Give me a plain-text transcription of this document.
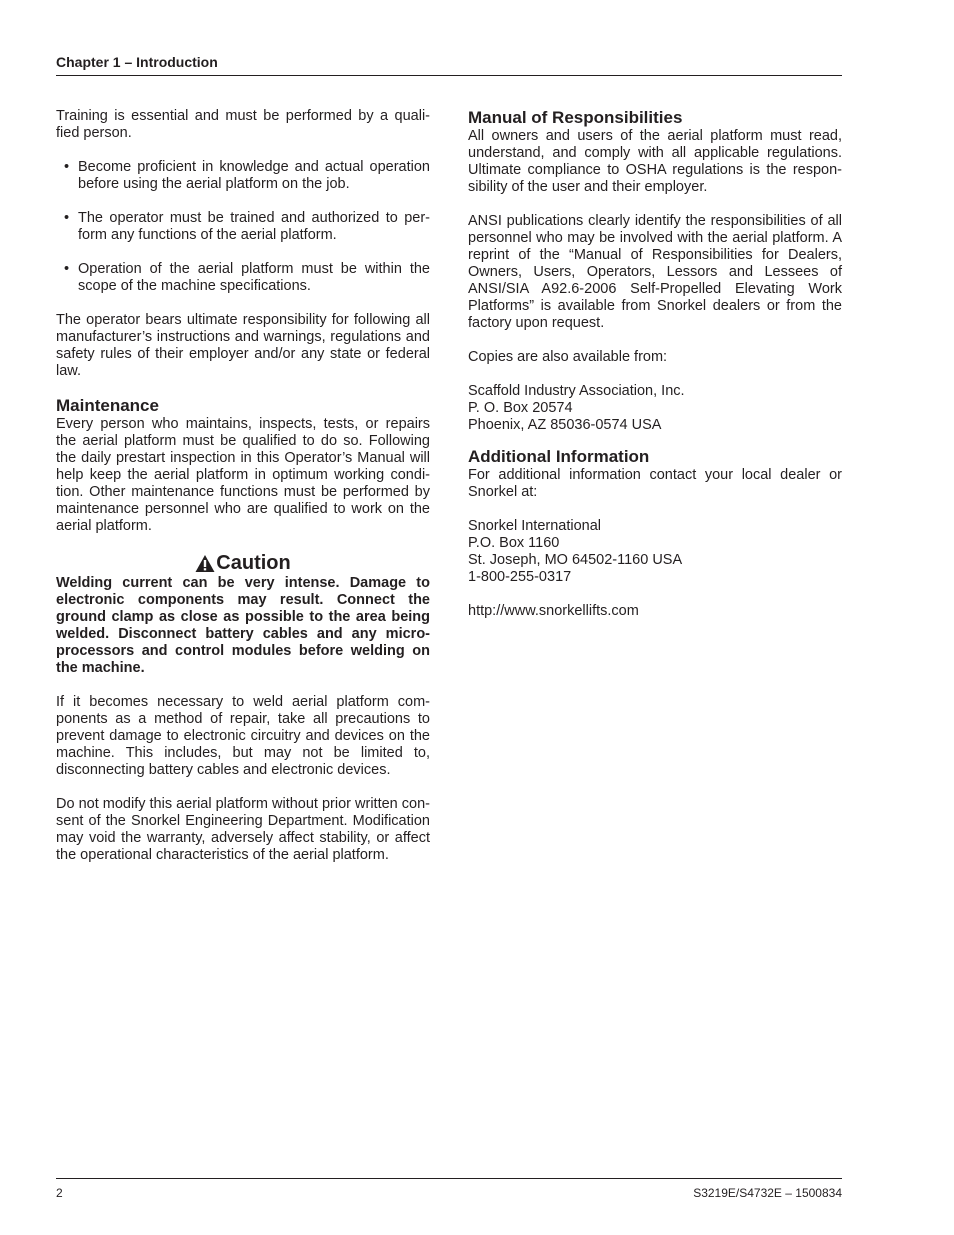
Chapter 1 – Introduction

Training is essential and must be performed by a quali-fied person.

• Become proficient in knowledge and actual operation before using the aerial platform on the job.
• The operator must be trained and authorized to per-form any functions of the aerial platform.
• Operation of the aerial platform must be within the scope of the machine specifications.

The operator bears ultimate responsibility for following all manufacturer’s instructions and warnings, regulations and safety rules of their employer and/or any state or federal law.

Maintenance

Every person who maintains, inspects, tests, or repairs the aerial platform must be qualified to do so. Following the daily prestart inspection in this Operator’s Manual will help keep the aerial platform in optimum working condi-tion. Other maintenance functions must be performed by maintenance personnel who are qualified to work on the aerial platform.

Caution

Welding current can be very intense. Damage to electronic components may result. Connect the ground clamp as close as possible to the area being welded. Disconnect battery cables and any micro-processors and control modules before welding on the machine.

If it becomes necessary to weld aerial platform com-ponents as a method of repair, take all precautions to prevent damage to electronic circuitry and devices on the machine. This includes, but may not be limited to, disconnecting battery cables and electronic devices.

Do not modify this aerial platform without prior written con-sent of the Snorkel Engineering Department. Modification may void the warranty, adversely affect stability, or affect the operational characteristics of the aerial platform.

Manual of Responsibilities

All owners and users of the aerial platform must read, understand, and comply with all applicable regulations. Ultimate compliance to OSHA regulations is the respon-sibility of the user and their employer.

ANSI publications clearly identify the responsibilities of all personnel who may be involved with the aerial platform. A reprint of the “Manual of Responsibilities for Dealers, Owners, Users, Operators, Lessors and Lessees of ANSI/SIA A92.6-2006 Self-Propelled Elevating Work Platforms” is available from Snorkel dealers or from the factory upon request.

Copies are also available from:

Scaffold Industry Association, Inc.

P. O. Box 20574

Phoenix, AZ 85036-0574 USA

Additional Information

For additional information contact your local dealer or Snorkel at:

Snorkel International

P.O. Box 1160

St. Joseph, MO 64502-1160 USA

1-800-255-0317

http://www.snorkellifts.com

2	S3219E/S4732E – 1500834
